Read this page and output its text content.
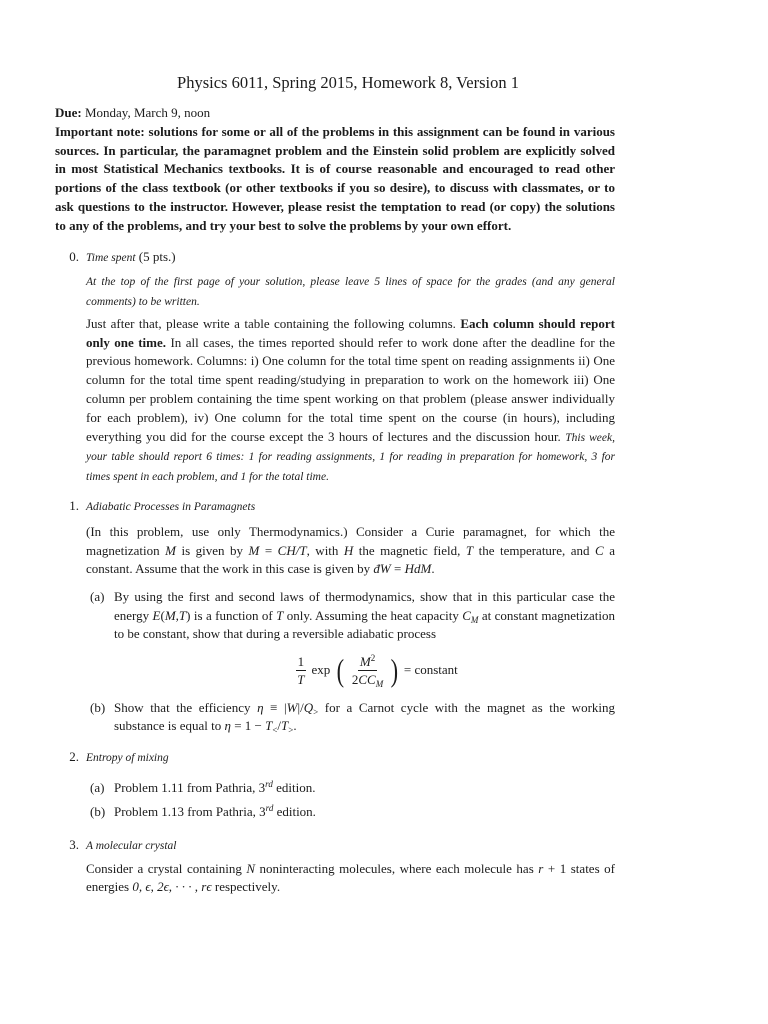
Physics 6011, Spring 2015, Homework 8, Version 1
Due: Monday, March 9, noon

Important note: solutions for some or all of the problems in this assignment can be found in various sources. In particular, the paramagnet problem and the Einstein solid problem are explicitly solved in most Statistical Mechanics textbooks. It is of course reasonable and encouraged to read other portions of the class textbook (or other textbooks if you so desire), to discuss with classmates, or to ask questions to the instructor. However, please resist the temptation to read (or copy) the solutions to any of the problems, and try your best to solve the problems by your own effort.

0. Time spent (5 pts.)

At the top of the first page of your solution, please leave 5 lines of space for the grades (and any general comments) to be written.

Just after that, please write a table containing the following columns. Each column should report only one time. In all cases, the times reported should refer to work done after the deadline for the previous homework. Columns: i) One column for the total time spent on reading assignments ii) One column for the total time spent reading/studying in preparation to work on the homework iii) One column per problem containing the time spent working on that problem (please answer individually for each problem), iv) One column for the total time spent on the course (in hours), including everything you did for the course except the 3 hours of lectures and the discussion hour. This week, your table should report 6 times: 1 for reading assignments, 1 for reading in preparation for homework, 3 for times spent in each problem, and 1 for the total time.

1. Adiabatic Processes in Paramagnets

(In this problem, use only Thermodynamics.) Consider a Curie paramagnet, for which the magnetization M is given by M = CH/T, with H the magnetic field, T the temperature, and C a constant. Assume that the work in this case is given by đW = HdM.

(a) By using the first and second laws of thermodynamics, show that in this particular case the energy E(M,T) is a function of T only. Assuming the heat capacity $C_M$ at constant magnetization to be constant, show that during a reversible adiabatic process

$\frac{1}{T}$ exp ( $\frac{M^2}{2CC_M}$ ) = constant
(b) Show that the efficiency $\eta \equiv |W|/Q_>$ for a Carnot cycle with the magnet as the working substance is equal to $\eta = 1 - T_</T_>$.

2. Entropy of mixing
(a) Problem 1.11 from Pathria, 3rd edition.

(b) Problem 1.13 from Pathria, 3rd edition.

3. A molecular crystal

Consider a crystal containing N noninteracting molecules, where each molecule has r + 1 states of energies 0, ϵ, 2ϵ, · · · , rϵ respectively.
